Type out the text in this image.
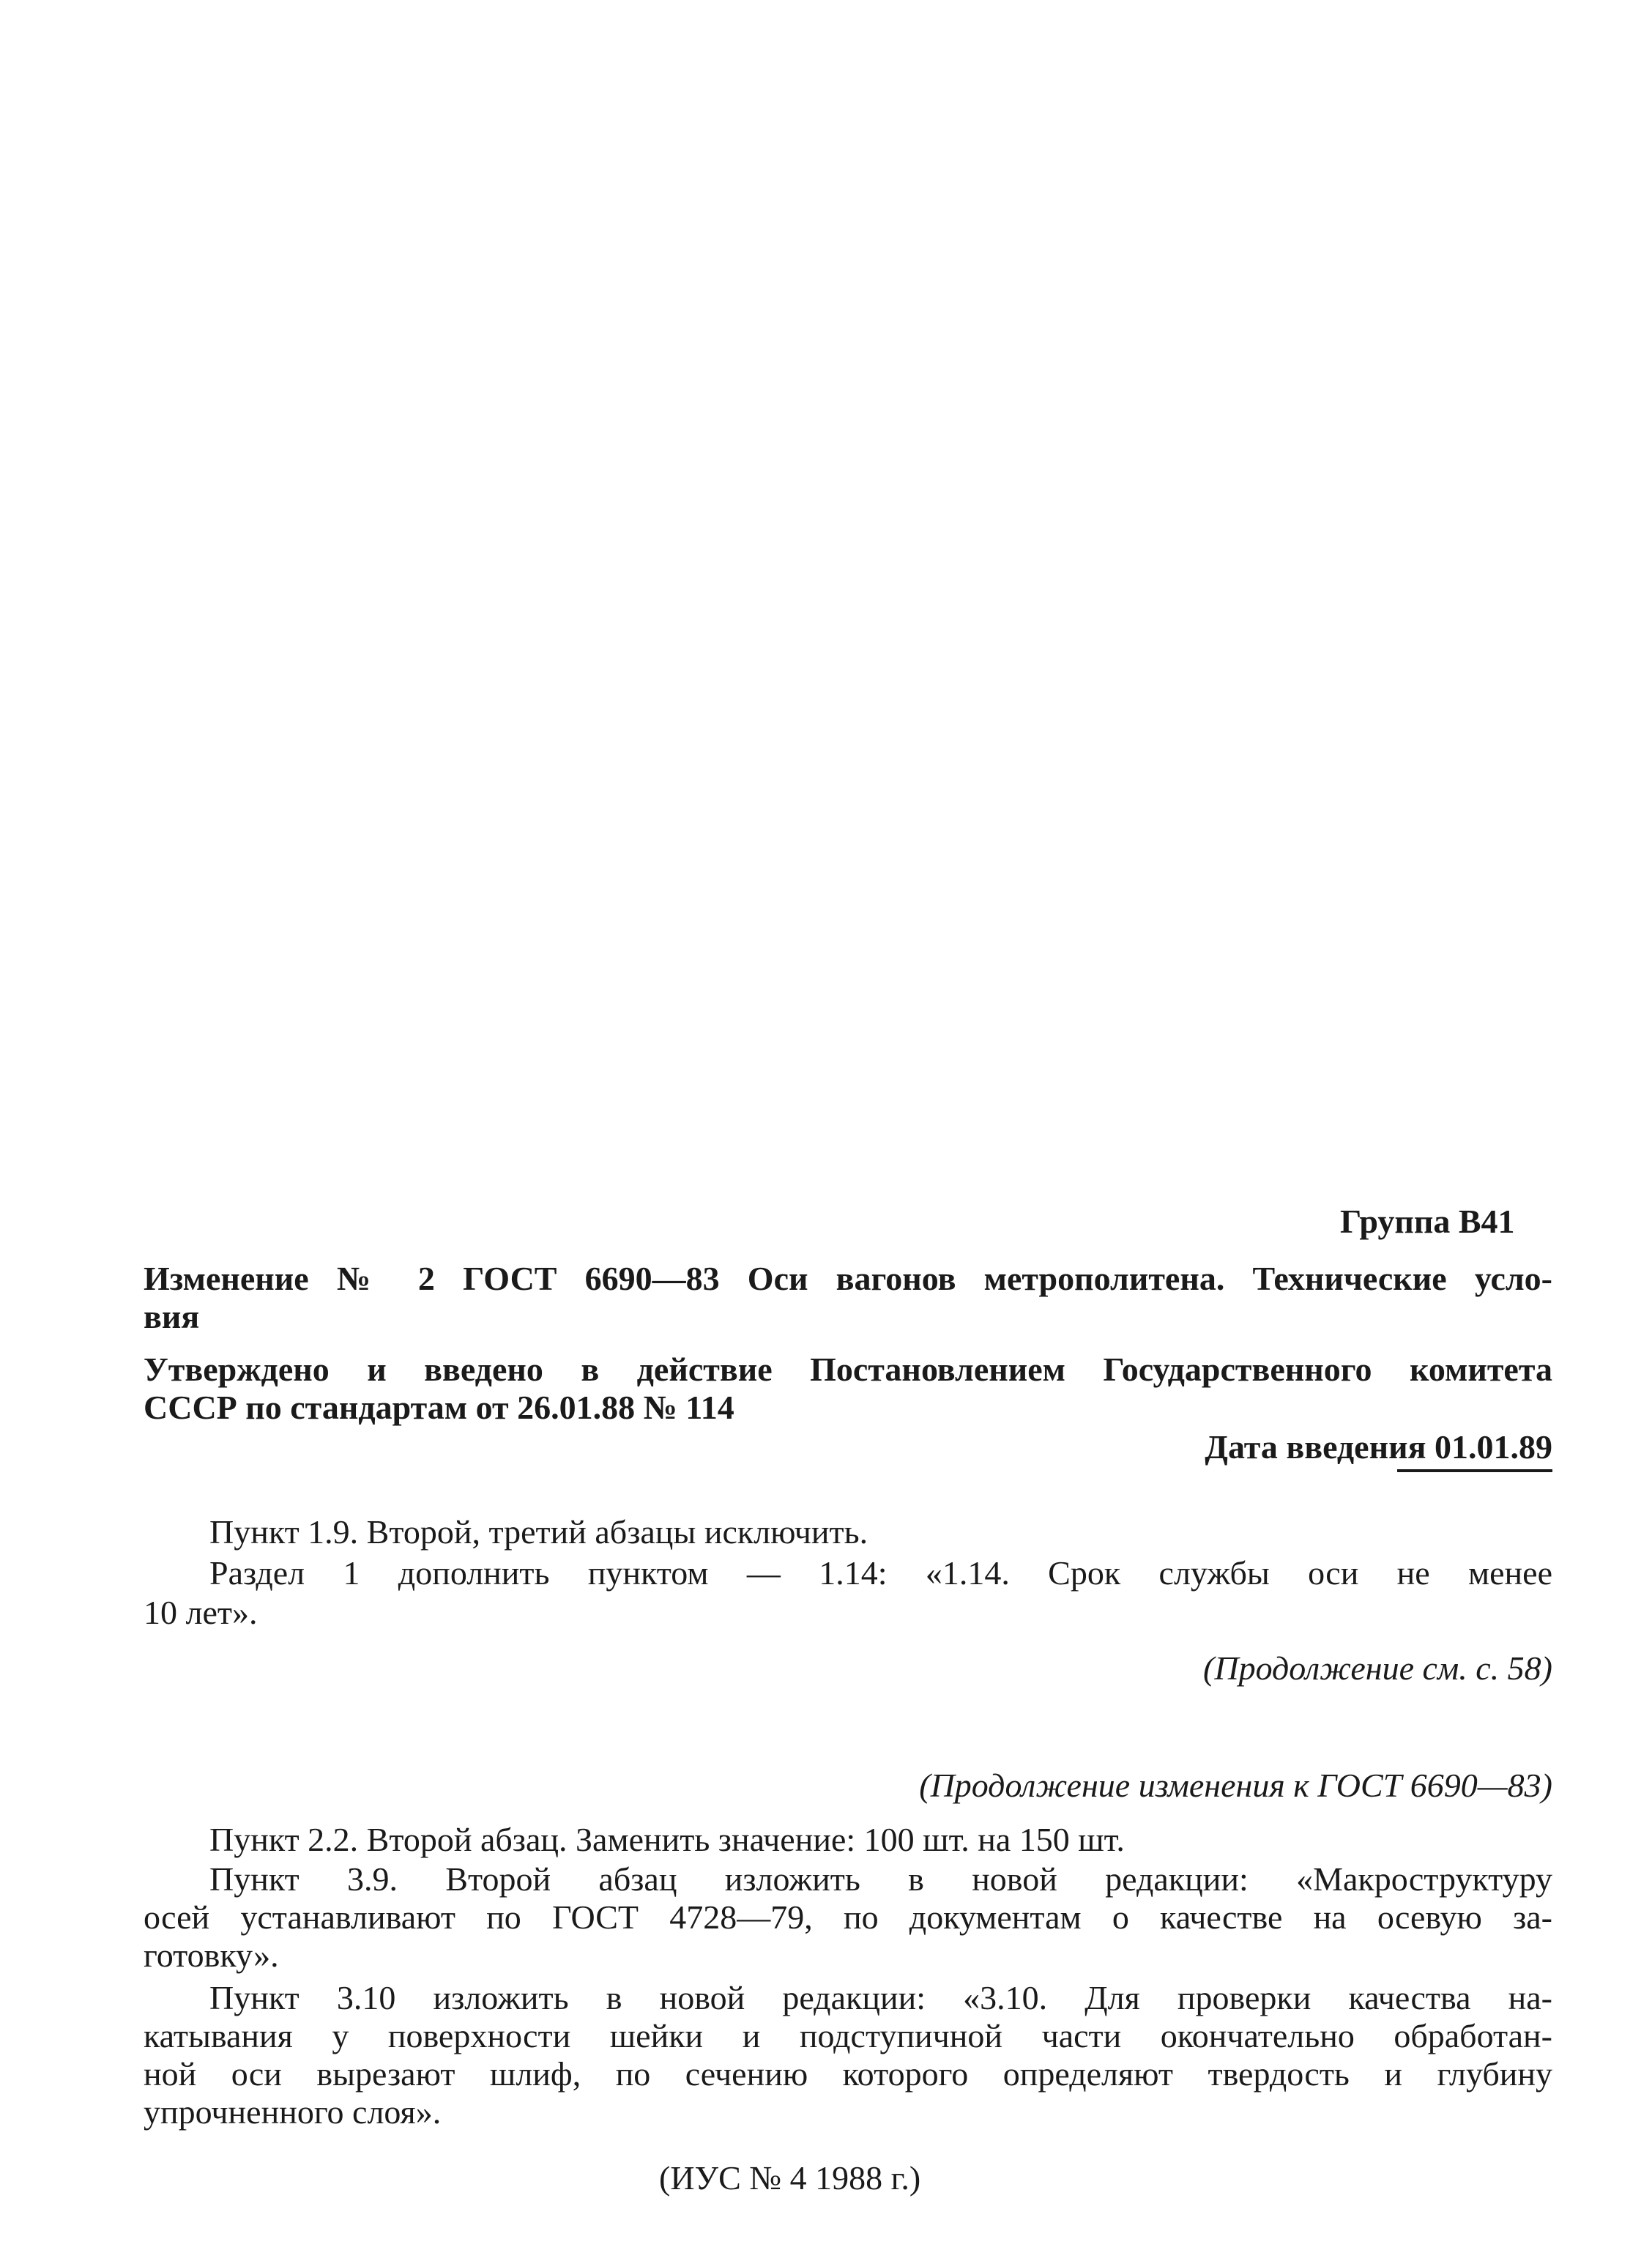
Группа В41
Изменение № 2 ГОСТ 6690—83 Оси вагонов метрополитена. Технические усло-
вия
Утверждено и введено в действие Постановлением Государственного комитета
СССР по стандартам от 26.01.88 № 114
Дата введения 01.01.89
Пункт 1.9. Второй, третий абзацы исключить.
Раздел 1 дополнить пунктом — 1.14: «1.14. Срок службы оси не менее
10 лет».
(Продолжение см. с. 58)
(Продолжение изменения к ГОСТ 6690—83)
Пункт 2.2. Второй абзац. Заменить значение: 100 шт. на 150 шт.
Пункт 3.9. Второй абзац изложить в новой редакции: «Макроструктуру
осей устанавливают по ГОСТ 4728—79, по документам о качестве на осевую за-
готовку».
Пункт 3.10 изложить в новой редакции: «3.10. Для проверки качества на-
катывания у поверхности шейки и подступичной части окончательно обработан-
ной оси вырезают шлиф, по сечению которого определяют твердость и глубину
упрочненного слоя».
(ИУС № 4 1988 г.)
